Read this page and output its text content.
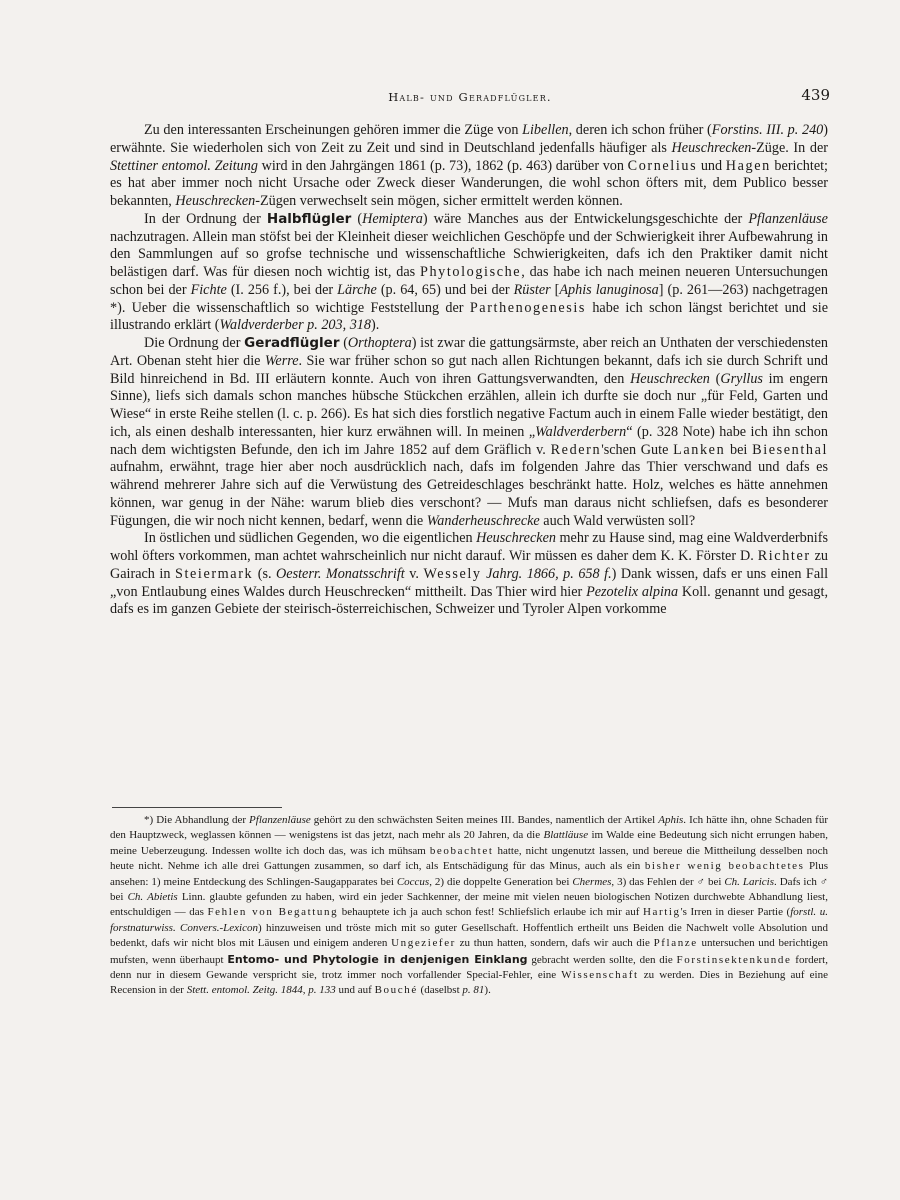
Halb- und Geradflügler.	439

Zu den interessanten Erscheinungen gehören immer die Züge von Libellen, deren ich schon früher (Forstins. III. p. 240) erwähnte. Sie wiederholen sich von Zeit zu Zeit und sind in Deutschland jedenfalls häufiger als Heuschrecken-Züge. In der Stettiner entomol. Zeitung wird in den Jahrgängen 1861 (p. 73), 1862 (p. 463) darüber von Cornelius und Hagen berichtet; es hat aber immer noch nicht Ursache oder Zweck dieser Wanderungen, die wohl schon öfters mit, dem Publico besser bekannten, Heuschrecken-Zügen verwechselt sein mögen, sicher ermittelt werden können.

In der Ordnung der Halbflügler (Hemiptera) wäre Manches aus der Entwickelungsgeschichte der Pflanzenläuse nachzutragen. Allein man stöfst bei der Kleinheit dieser weichlichen Geschöpfe und der Schwierigkeit ihrer Aufbewahrung in den Sammlungen auf so grofse technische und wissenschaftliche Schwierigkeiten, dafs ich den Praktiker damit nicht belästigen darf. Was für diesen noch wichtig ist, das Phytologische, das habe ich nach meinen neueren Untersuchungen schon bei der Fichte (I. 256 f.), bei der Lärche (p. 64, 65) und bei der Rüster [Aphis lanuginosa] (p. 261—263) nachgetragen *). Ueber die wissenschaftlich so wichtige Feststellung der Parthenogenesis habe ich schon längst berichtet und sie illustrando erklärt (Waldverderber p. 203, 318).

Die Ordnung der Geradflügler (Orthoptera) ist zwar die gattungsärmste, aber reich an Unthaten der verschiedensten Art. Obenan steht hier die Werre. Sie war früher schon so gut nach allen Richtungen bekannt, dafs ich sie durch Schrift und Bild hinreichend in Bd. III erläutern konnte. Auch von ihren Gattungsverwandten, den Heuschrecken (Gryllus im engern Sinne), liefs sich damals schon manches hübsche Stückchen erzählen, allein ich durfte sie doch nur „für Feld, Garten und Wiese“ in erste Reihe stellen (l. c. p. 266). Es hat sich dies forstlich negative Factum auch in einem Falle wieder bestätigt, den ich, als einen deshalb interessanten, hier kurz erwähnen will. In meinen „Waldverderbern“ (p. 328 Note) habe ich ihn schon nach dem wichtigsten Befunde, den ich im Jahre 1852 auf dem Gräflich v. Redern'schen Gute Lanken bei Biesenthal aufnahm, erwähnt, trage hier aber noch ausdrücklich nach, dafs im folgenden Jahre das Thier verschwand und dafs es während mehrerer Jahre sich auf die Verwüstung des Getreideschlages beschränkt hatte. Holz, welches es hätte annehmen können, war genug in der Nähe: warum blieb dies verschont? — Mufs man daraus nicht schliefsen, dafs es besonderer Fügungen, die wir noch nicht kennen, bedarf, wenn die Wanderheuschrecke auch Wald verwüsten soll?

In östlichen und südlichen Gegenden, wo die eigentlichen Heuschrecken mehr zu Hause sind, mag eine Waldverderbnifs wohl öfters vorkommen, man achtet wahrscheinlich nur nicht darauf. Wir müssen es daher dem K. K. Förster D. Richter zu Gairach in Steiermark (s. Oesterr. Monatsschrift v. Wessely Jahrg. 1866, p. 658 f.) Dank wissen, dafs er uns einen Fall „von Entlaubung eines Waldes durch Heuschrecken“ mittheilt. Das Thier wird hier Pezotelix alpina Koll. genannt und gesagt, dafs es im ganzen Gebiete der steirisch-österreichischen, Schweizer und Tyroler Alpen vorkomme

*) Die Abhandlung der Pflanzenläuse gehört zu den schwächsten Seiten meines III. Bandes, namentlich der Artikel Aphis. Ich hätte ihn, ohne Schaden für den Hauptzweck, weglassen können — wenigstens ist das jetzt, nach mehr als 20 Jahren, da die Blattläuse im Walde eine Bedeutung sich nicht errungen haben, meine Ueberzeugung. Indessen wollte ich doch das, was ich mühsam beobachtet hatte, nicht ungenutzt lassen, und bereue die Mittheilung desselben noch heute nicht. Nehme ich alle drei Gattungen zusammen, so darf ich, als Entschädigung für das Minus, auch als ein bisher wenig beobachtetes Plus ansehen: 1) meine Entdeckung des Schlingen-Saugapparates bei Coccus, 2) die doppelte Generation bei Chermes, 3) das Fehlen der ♂ bei Ch. Laricis. Dafs ich ♂ bei Ch. Abietis Linn. glaubte gefunden zu haben, wird ein jeder Sachkenner, der meine mit vielen neuen biologischen Notizen durchwebte Abhandlung liest, entschuldigen — das Fehlen von Begattung behauptete ich ja auch schon fest! Schliefslich erlaube ich mir auf Hartig's Irren in dieser Partie (forstl. u. forstnaturwiss. Convers.-Lexicon) hinzuweisen und tröste mich mit so guter Gesellschaft. Hoffentlich ertheilt uns Beiden die Nachwelt volle Absolution und bedenkt, dafs wir nicht blos mit Läusen und einigem anderen Ungeziefer zu thun hatten, sondern, dafs wir auch die Pflanze untersuchen und berichtigen mufsten, wenn überhaupt Entomo- und Phytologie in denjenigen Einklang gebracht werden sollte, den die Forstinsektenkunde fordert, denn nur in diesem Gewande verspricht sie, trotz immer noch vorfallender Special-Fehler, eine Wissenschaft zu werden. Dies in Beziehung auf eine Recension in der Stett. entomol. Zeitg. 1844, p. 133 und auf Bouché (daselbst p. 81).
